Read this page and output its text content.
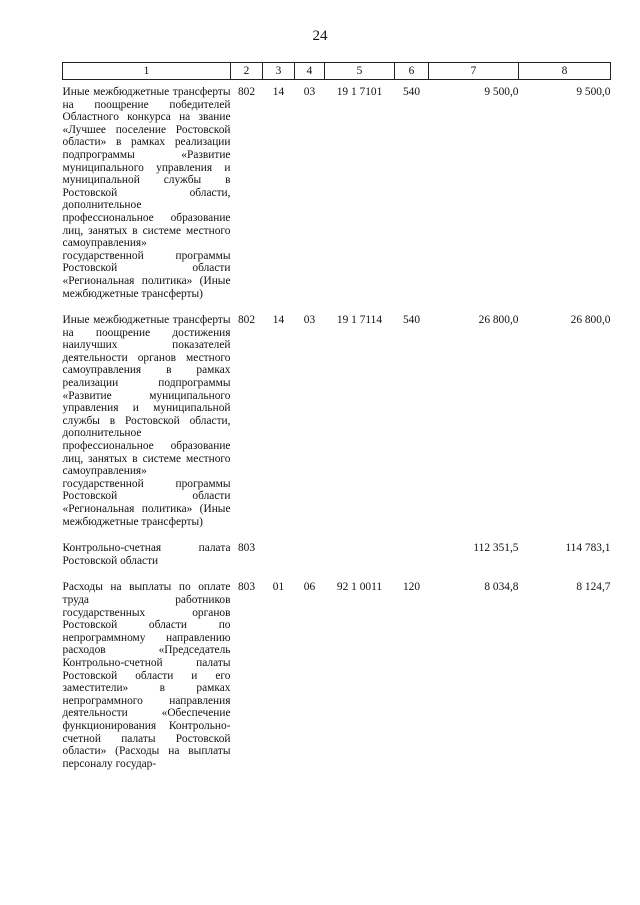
24
1	2	3	4	5	6	7	8
Иные межбюджетные трансферты на поощрение победителей Областного конкурса на звание «Лучшее поселение Ростовской области» в рамках реализации подпрограммы «Развитие муниципального управления и муниципальной службы в Ростовской области, дополнительное профессиональное образование лиц, занятых в системе местного самоуправления» государственной программы Ростовской области «Региональная политика» (Иные межбюджетные трансферты)	802	14	03	19 1 7101	540	9 500,0	9 500,0

Иные межбюджетные трансферты на поощрение достижения наилучших показателей деятельности органов местного самоуправления в рамках реализации подпрограммы «Развитие муниципального управления и муниципальной службы в Ростовской области, дополнительное профессиональное образование лиц, занятых в системе местного самоуправления» государственной программы Ростовской области «Региональная политика» (Иные межбюджетные трансферты)	802	14	03	19 1 7114	540	26 800,0	26 800,0

Контрольно-счетная палата Ростовской области	803					112 351,5	114 783,1

Расходы на выплаты по оплате труда работников государственных органов Ростовской области по непрограммному направлению расходов «Председатель Контрольно-счетной палаты Ростовской области и его заместители» в рамках непрограммного направления деятельности «Обеспечение функционирования Контрольно-счетной палаты Ростовской области» (Расходы на выплаты персоналу государ-	803	01	06	92 1 0011	120	8 034,8	8 124,7
